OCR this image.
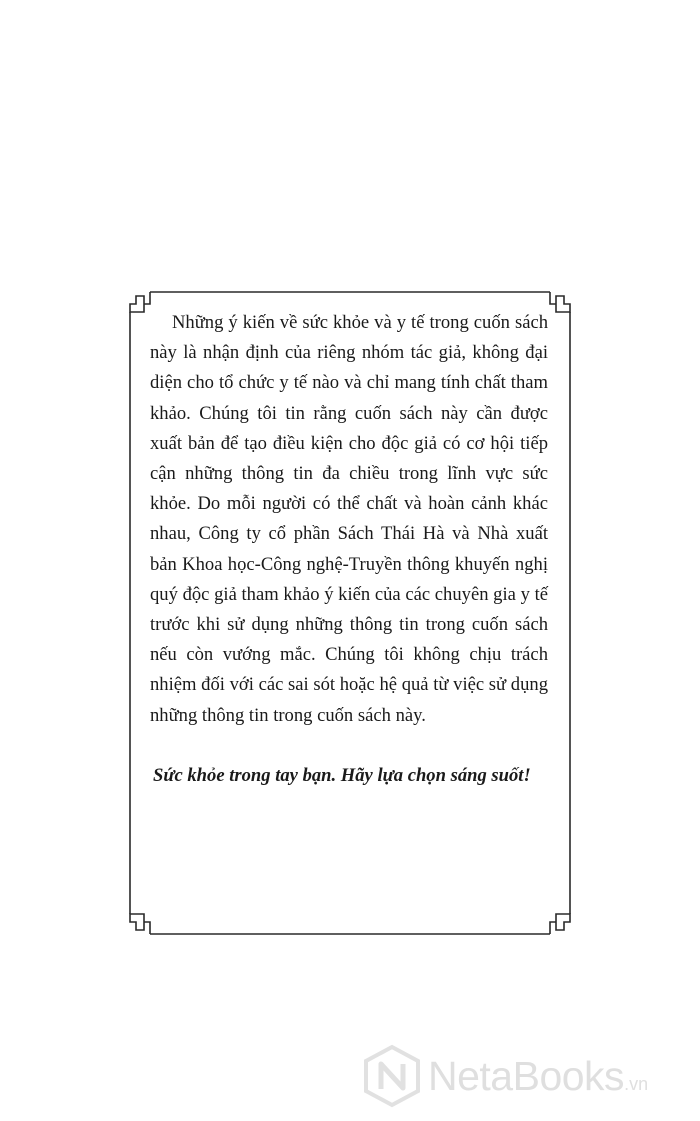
Những ý kiến về sức khỏe và y tế trong cuốn sách này là nhận định của riêng nhóm tác giả, không đại diện cho tổ chức y tế nào và chỉ mang tính chất tham khảo. Chúng tôi tin rằng cuốn sách này cần được xuất bản để tạo điều kiện cho độc giả có cơ hội tiếp cận những thông tin đa chiều trong lĩnh vực sức khỏe. Do mỗi người có thể chất và hoàn cảnh khác nhau, Công ty cổ phần Sách Thái Hà và Nhà xuất bản Khoa học-Công nghệ-Truyền thông khuyến nghị quý độc giả tham khảo ý kiến của các chuyên gia y tế trước khi sử dụng những thông tin trong cuốn sách nếu còn vướng mắc. Chúng tôi không chịu trách nhiệm đối với các sai sót hoặc hệ quả từ việc sử dụng những thông tin trong cuốn sách này.

Sức khỏe trong tay bạn. Hãy lựa chọn sáng suốt!

NetaBooks.vn
